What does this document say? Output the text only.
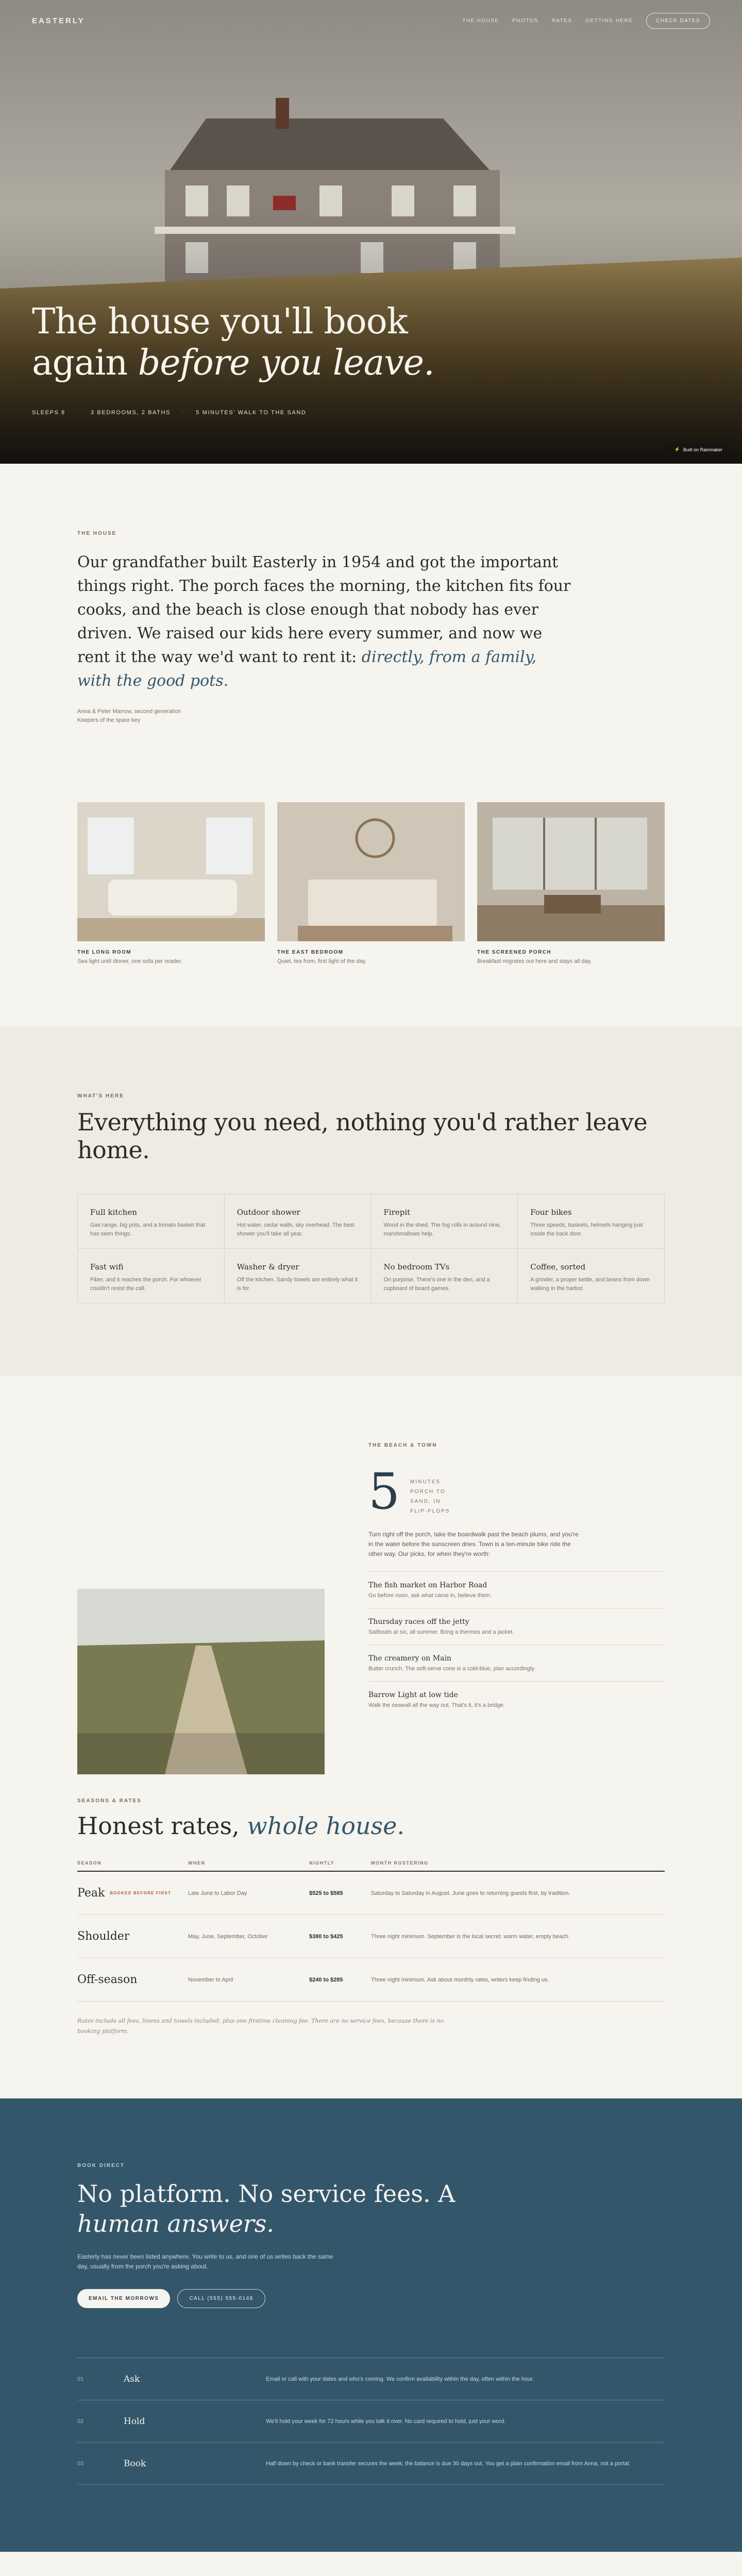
EASTERLY	THE HOUSE	PHOTOS	RATES	GETTING HERE	CHECK DATES
The house you'll book
again before you leave.
SLEEPS 8 · 3 BEDROOMS, 2 BATHS · 5 MINUTES' WALK TO THE SAND
⚡ Built on Rainmaker
THE HOUSE

Our grandfather built Easterly in 1954 and got the important things right. The porch faces the morning, the kitchen fits four cooks, and the beach is close enough that nobody has ever driven. We raised our kids here every summer, and now we rent it the way we'd want to rent it: directly, from a family, with the good pots.

Anna & Peter Marrow, second generation
Keepers of the spare key
THE LONG ROOM
Sea light until dinner, one sofa per reader.
THE EAST BEDROOM
Quiet, tea from, first light of the day.
THE SCREENED PORCH
Breakfast migrates out here and stays all day.
WHAT'S HERE
Everything you need, nothing you'd rather leave home.
Full kitchen
Gas range, big pots, and a tomato basket that has seen things.
Outdoor shower
Hot water, cedar walls, sky overhead. The best shower you'll take all year.
Firepit
Wood in the shed. The fog rolls in around nine, marshmallows help.
Four bikes
Three speeds, baskets, helmets hanging just inside the back door.
Fast wifi
Fiber, and it reaches the porch. For whoever couldn't resist the call.
Washer & dryer
Off the kitchen. Sandy towels are entirely what it is for.
No bedroom TVs
On purpose. There's one in the den, and a cupboard of board games.
Coffee, sorted
A grinder, a proper kettle, and beans from down walking in the harbor.
THE BEACH & TOWN
5 MINUTES
PORCH TO
SAND, IN
FLIP-FLOPS
Turn right off the porch, take the boardwalk past the beach plums, and you're in the water before the sunscreen dries. Town is a ten-minute bike ride the other way. Our picks, for when they're worth:
The fish market on Harbor Road
Go before noon, ask what came in, believe them.
Thursday races off the jetty
Sailboats at six, all summer. Bring a thermos and a jacket.
The creamery on Main
Butter crunch. The soft-serve cone is a cold-blue, plan accordingly.
Barrow Light at low tide
Walk the seawall all the way out. That's it, it's a bridge.
SEASONS & RATES
Honest rates, whole house.
SEASON	WHEN	NIGHTLY	MONTH ROSTERING
Peak BOOKED BEFORE FIRST	Late June to Labor Day	$525 to $585	Saturday to Saturday in August. June goes to returning guests first, by tradition.
Shoulder	May, June, September, October	$380 to $425	Three night minimum. September is the local secret: warm water, empty beach.
Off-season	November to April	$240 to $285	Three night minimum. Ask about monthly rates, writers keep finding us.
Rates include all fees, linens and towels included, plus one firstime cleaning fee. There are no service fees, because there is no booking platform.
BOOK DIRECT
No platform. No service fees. A
human answers.

Easterly has never been listed anywhere. You write to us, and one of us writes back the same day, usually from the porch you're asking about.

EMAIL THE MORROWS	CALL (555) 555-0148
01	Ask	Email or call with your dates and who's coming. We confirm availability within the day, often within the hour.
02	Hold	We'll hold your week for 72 hours while you talk it over. No card required to hold, just your word.
03	Book	Half down by check or bank transfer secures the week; the balance is due 30 days out. You get a plain confirmation email from Anna, not a portal.
